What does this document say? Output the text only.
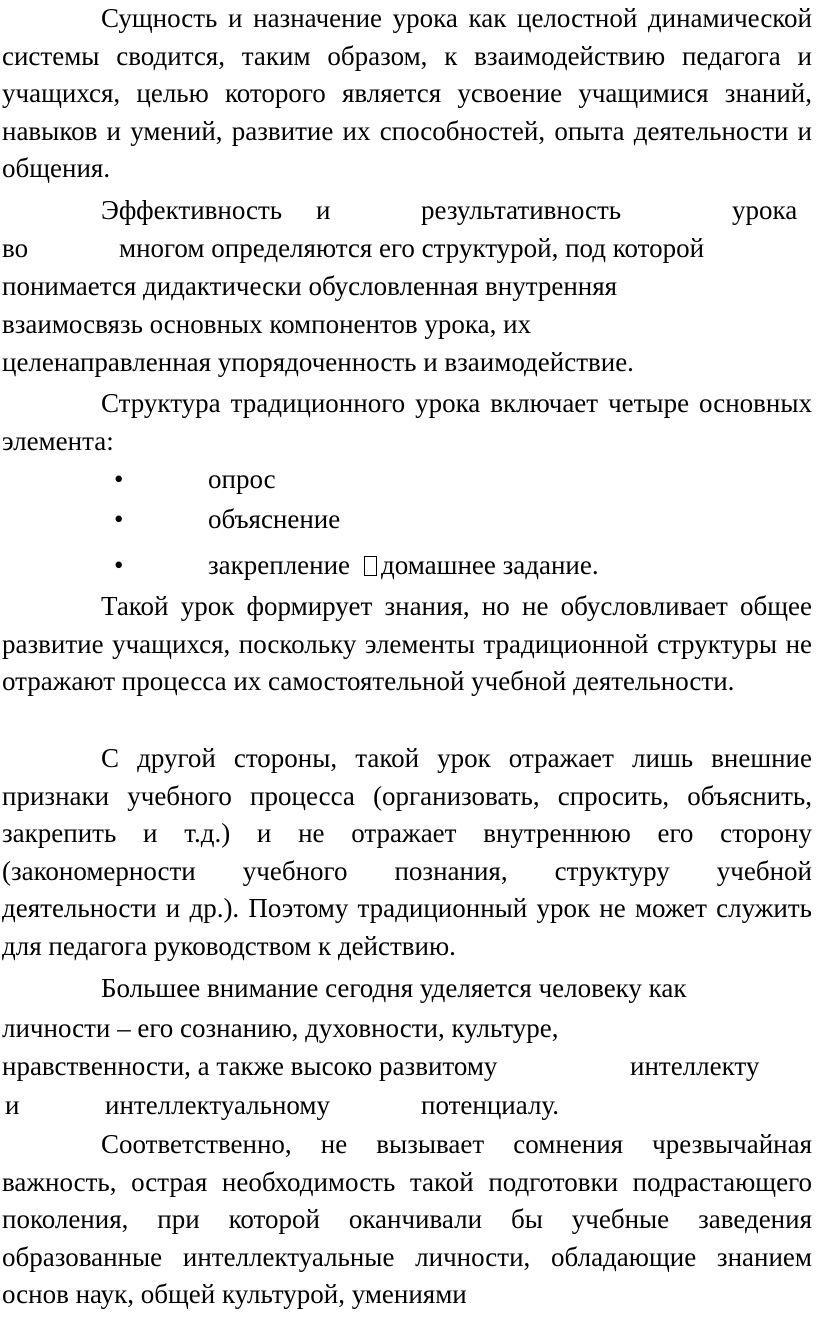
Сущность и назначение урока как целостной динамической системы сводится, таким образом, к взаимодействию педагога и учащихся, целью которого является усвоение учащимися знаний, навыков и умений, развитие их способностей, опыта деятельности и общения.
Эффективность и	результативность	урока
во	многом определяются его структурой, под которой
понимается дидактически обусловленная внутренняя
взаимосвязь основных компонентов урока, их
целенаправленная упорядоченность и взаимодействие.
Структура традиционного урока включает четыре основных элемента:
•	опрос
•	объяснение
•	закрепление домашнее задание.
Такой урок формирует знания, но не обусловливает общее развитие учащихся, поскольку элементы традиционной структуры не отражают процесса их самостоятельной учебной деятельности.
С другой стороны, такой урок отражает лишь внешние признаки учебного процесса (организовать, спросить, объяснить, закрепить и т.д.) и не отражает внутреннюю его сторону (закономерности учебного познания, структуру учебной деятельности и др.). Поэтому традиционный урок не может служить для педагога руководством к действию.
Большее внимание сегодня уделяется человеку как
личности – его сознанию, духовности, культуре,
нравственности, а также высоко развитому	интеллекту
и	интеллектуальному	потенциалу.
Соответственно, не вызывает сомнения чрезвычайная важность, острая необходимость такой подготовки подрастающего поколения, при которой оканчивали бы учебные заведения образованные интеллектуальные личности, обладающие знанием основ наук, общей культурой, умениями
